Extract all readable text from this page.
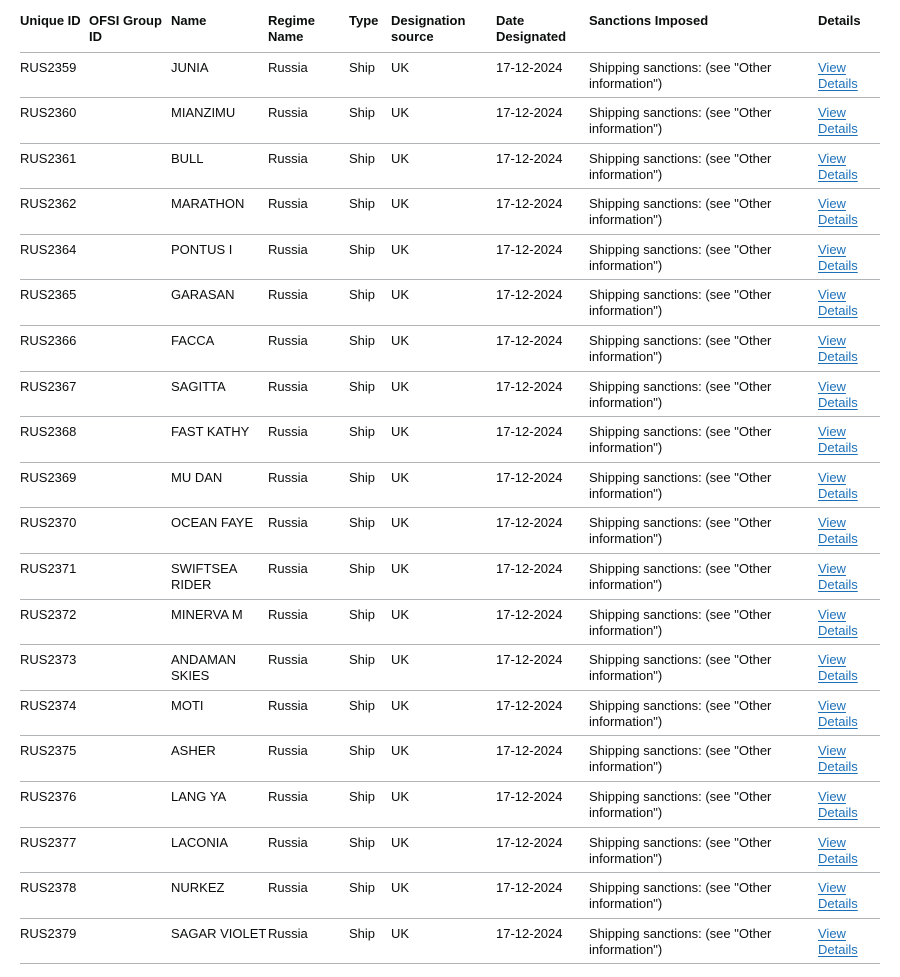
Unique ID	OFSI Group ID	Name	Regime Name	Type	Designation source	Date Designated	Sanctions Imposed	Details
RUS2359		JUNIA	Russia	Ship	UK	17-12-2024	Shipping sanctions: (see "Other information")	View Details
RUS2360		MIANZIMU	Russia	Ship	UK	17-12-2024	Shipping sanctions: (see "Other information")	View Details
RUS2361		BULL	Russia	Ship	UK	17-12-2024	Shipping sanctions: (see "Other information")	View Details
RUS2362		MARATHON	Russia	Ship	UK	17-12-2024	Shipping sanctions: (see "Other information")	View Details
RUS2364		PONTUS I	Russia	Ship	UK	17-12-2024	Shipping sanctions: (see "Other information")	View Details
RUS2365		GARASAN	Russia	Ship	UK	17-12-2024	Shipping sanctions: (see "Other information")	View Details
RUS2366		FACCA	Russia	Ship	UK	17-12-2024	Shipping sanctions: (see "Other information")	View Details
RUS2367		SAGITTA	Russia	Ship	UK	17-12-2024	Shipping sanctions: (see "Other information")	View Details
RUS2368		FAST KATHY	Russia	Ship	UK	17-12-2024	Shipping sanctions: (see "Other information")	View Details
RUS2369		MU DAN	Russia	Ship	UK	17-12-2024	Shipping sanctions: (see "Other information")	View Details
RUS2370		OCEAN FAYE	Russia	Ship	UK	17-12-2024	Shipping sanctions: (see "Other information")	View Details
RUS2371		SWIFTSEA RIDER	Russia	Ship	UK	17-12-2024	Shipping sanctions: (see "Other information")	View Details
RUS2372		MINERVA M	Russia	Ship	UK	17-12-2024	Shipping sanctions: (see "Other information")	View Details
RUS2373		ANDAMAN SKIES	Russia	Ship	UK	17-12-2024	Shipping sanctions: (see "Other information")	View Details
RUS2374		MOTI	Russia	Ship	UK	17-12-2024	Shipping sanctions: (see "Other information")	View Details
RUS2375		ASHER	Russia	Ship	UK	17-12-2024	Shipping sanctions: (see "Other information")	View Details
RUS2376		LANG YA	Russia	Ship	UK	17-12-2024	Shipping sanctions: (see "Other information")	View Details
RUS2377		LACONIA	Russia	Ship	UK	17-12-2024	Shipping sanctions: (see "Other information")	View Details
RUS2378		NURKEZ	Russia	Ship	UK	17-12-2024	Shipping sanctions: (see "Other information")	View Details
RUS2379		SAGAR VIOLET	Russia	Ship	UK	17-12-2024	Shipping sanctions: (see "Other information")	View Details
